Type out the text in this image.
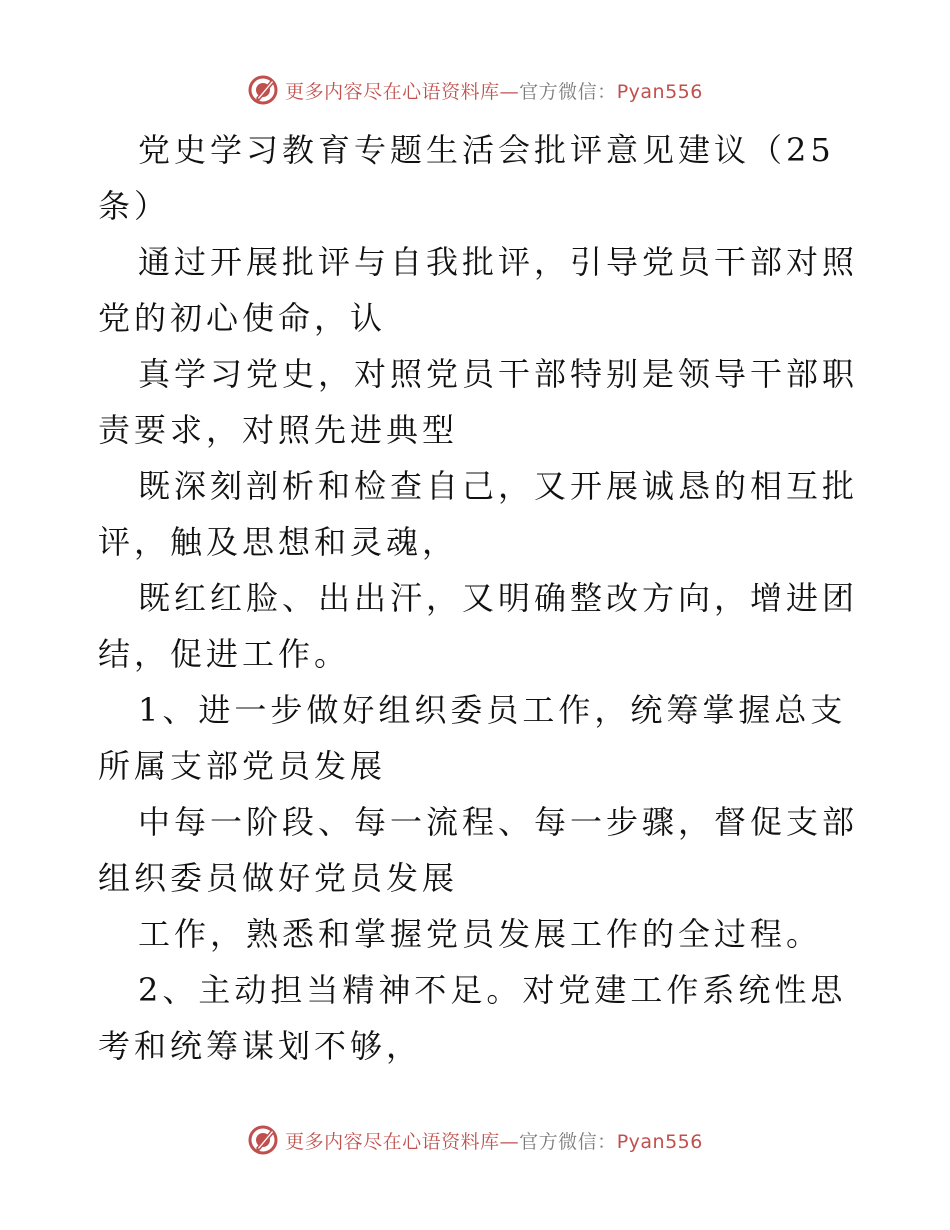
更多内容尽在心语资料库—官方微信：Pyan556

党史学习教育专题生活会批评意见建议（25条）

通过开展批评与自我批评，引导党员干部对照党的初心使命，认

真学习党史，对照党员干部特别是领导干部职责要求，对照先进典型

既深刻剖析和检查自己，又开展诚恳的相互批评，触及思想和灵魂，

既红红脸、出出汗，又明确整改方向，增进团结，促进工作。

1、进一步做好组织委员工作，统筹掌握总支所属支部党员发展

中每一阶段、每一流程、每一步骤，督促支部组织委员做好党员发展

工作，熟悉和掌握党员发展工作的全过程。

2、主动担当精神不足。对党建工作系统性思考和统筹谋划不够，

更多内容尽在心语资料库—官方微信：Pyan556
